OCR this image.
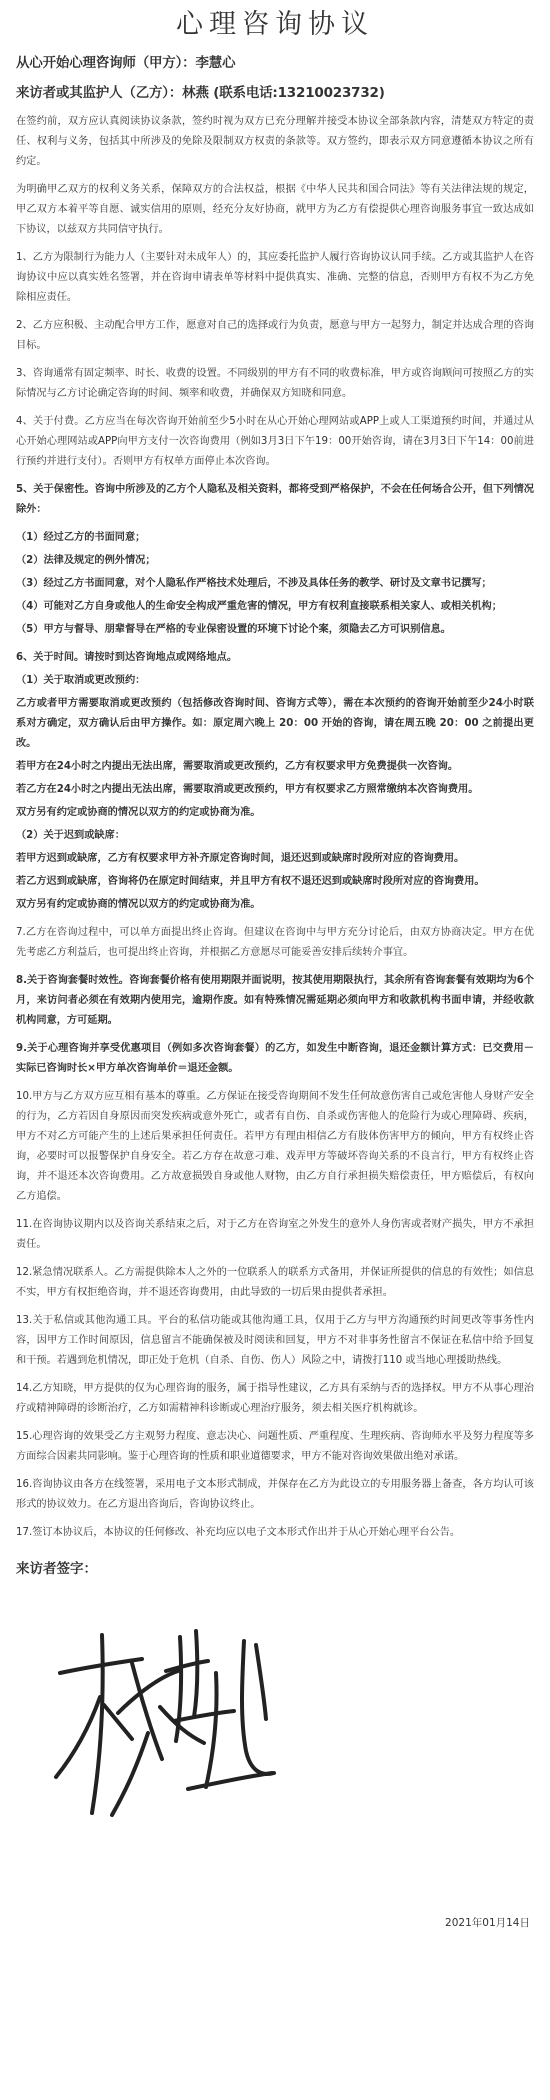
心理咨询协议
从心开始心理咨询师（甲方）：李慧心
来访者或其监护人（乙方）：林燕 (联系电话:13210023732)

在签约前，双方应认真阅读协议条款，签约时视为双方已充分理解并接受本协议全部条款内容，清楚双方特定的责任、权利与义务，包括其中所涉及的免除及限制双方权责的条款等。双方签约，即表示双方同意遵循本协议之所有约定。

为明确甲乙双方的权利义务关系，保障双方的合法权益，根据《中华人民共和国合同法》等有关法律法规的规定，甲乙双方本着平等自愿、诚实信用的原则，经充分友好协商，就甲方为乙方有偿提供心理咨询服务事宜一致达成如下协议，以兹双方共同信守执行。

1、乙方为限制行为能力人（主要针对未成年人）的，其应委托监护人履行咨询协议认同手续。乙方或其监护人在咨询协议中应以真实姓名签署，并在咨询申请表单等材料中提供真实、准确、完整的信息，否则甲方有权不为乙方免除相应责任。

2、乙方应积极、主动配合甲方工作，愿意对自己的选择或行为负责，愿意与甲方一起努力，制定并达成合理的咨询目标。

3、咨询通常有固定频率、时长、收费的设置。不同级别的甲方有不同的收费标准，甲方或咨询顾问可按照乙方的实际情况与乙方讨论确定咨询的时间、频率和收费，并确保双方知晓和同意。

4、关于付费。乙方应当在每次咨询开始前至少5小时在从心开始心理网站或APP上或人工渠道预约时间，并通过从心开始心理网站或APP向甲方支付一次咨询费用（例如3月3日下午19：00开始咨询，请在3月3日下午14：00前进行预约并进行支付）。否则甲方有权单方面停止本次咨询。

5、关于保密性。咨询中所涉及的乙方个人隐私及相关资料，都将受到严格保护，不会在任何场合公开，但下列情况除外：

（1）经过乙方的书面同意；

（2）法律及规定的例外情况；

（3）经过乙方书面同意，对个人隐私作严格技术处理后，不涉及具体任务的教学、研讨及文章书记撰写；

（4）可能对乙方自身或他人的生命安全构成严重危害的情况，甲方有权利直接联系相关家人、或相关机构；

（5）甲方与督导、朋辈督导在严格的专业保密设置的环境下讨论个案，须隐去乙方可识别信息。

6、关于时间。请按时到达咨询地点或网络地点。

（1）关于取消或更改预约：

乙方或者甲方需要取消或更改预约（包括修改咨询时间、咨询方式等），需在本次预约的咨询开始前至少24小时联系对方确定，双方确认后由甲方操作。如：原定周六晚上 20：00 开始的咨询，请在周五晚 20：00 之前提出更改。

若甲方在24小时之内提出无法出席，需要取消或更改预约，乙方有权要求甲方免费提供一次咨询。

若乙方在24小时之内提出无法出席，需要取消或更改预约，甲方有权要求乙方照常缴纳本次咨询费用。

双方另有约定或协商的情况以双方的约定或协商为准。

（2）关于迟到或缺席：

若甲方迟到或缺席，乙方有权要求甲方补齐原定咨询时间，退还迟到或缺席时段所对应的咨询费用。

若乙方迟到或缺席，咨询将仍在原定时间结束，并且甲方有权不退还迟到或缺席时段所对应的咨询费用。

双方另有约定或协商的情况以双方的约定或协商为准。

7.乙方在咨询过程中，可以单方面提出终止咨询。但建议在咨询中与甲方充分讨论后，由双方协商决定。甲方在优先考虑乙方利益后，也可提出终止咨询，并根据乙方意愿尽可能妥善安排后续转介事宜。

8.关于咨询套餐时效性。咨询套餐价格有使用期限并面说明，按其使用期限执行，其余所有咨询套餐有效期均为6个月，来访问者必须在有效期内使用完，逾期作废。如有特殊情况需延期必须向甲方和收款机构书面申请，并经收款机构同意，方可延期。

9.关于心理咨询并享受优惠项目（例如多次咨询套餐）的乙方，如发生中断咨询，退还金额计算方式：已交费用－实际已咨询时长×甲方单次咨询单价＝退还金额。

10.甲方与乙方双方应互相有基本的尊重。乙方保证在接受咨询期间不发生任何故意伤害自己或危害他人身财产安全的行为，乙方若因自身原因而突发疾病或意外死亡，或者有自伤、自杀或伤害他人的危险行为或心理障碍、疾病，甲方不对乙方可能产生的上述后果承担任何责任。若甲方有理由相信乙方有肢体伤害甲方的倾向，甲方有权终止咨询，必要时可以报警保护自身安全。若乙方存在故意刁难、戏弄甲方等破坏咨询关系的不良言行，甲方有权终止咨询，并不退还本次咨询费用。乙方故意损毁自身或他人财物，由乙方自行承担损失赔偿责任，甲方赔偿后，有权向乙方追偿。

11.在咨询协议期内以及咨询关系结束之后，对于乙方在咨询室之外发生的意外人身伤害或者财产损失，甲方不承担责任。

12.紧急情况联系人。乙方需提供除本人之外的一位联系人的联系方式备用，并保证所提供的信息的有效性；如信息不实，甲方有权拒绝咨询，并不退还咨询费用，由此导致的一切后果由提供者承担。

13.关于私信或其他沟通工具。平台的私信功能或其他沟通工具，仅用于乙方与甲方沟通预约时间更改等事务性内容，因甲方工作时间原因，信息留言不能确保被及时阅读和回复，甲方不对非事务性留言不保证在私信中给予回复和干预。若遇到危机情况，即正处于危机（自杀、自伤、伤人）风险之中，请拨打110 或当地心理援助热线。

14.乙方知晓，甲方提供的仅为心理咨询的服务，属于指导性建议，乙方具有采纳与否的选择权。甲方不从事心理治疗或精神障碍的诊断治疗，乙方如需精神科诊断或心理治疗服务，须去相关医疗机构就诊。

15.心理咨询的效果受乙方主观努力程度、意志决心、问题性质、严重程度、生理疾病、咨询师水平及努力程度等多方面综合因素共同影响。鉴于心理咨询的性质和职业道德要求，甲方不能对咨询效果做出绝对承诺。

16.咨询协议由各方在线签署，采用电子文本形式制成，并保存在乙方为此设立的专用服务器上备查，各方均认可该形式的协议效力。在乙方退出咨询后，咨询协议终止。

17.签订本协议后，本协议的任何修改、补充均应以电子文本形式作出并于从心开始心理平台公告。

来访者签字：
2021年01月14日
